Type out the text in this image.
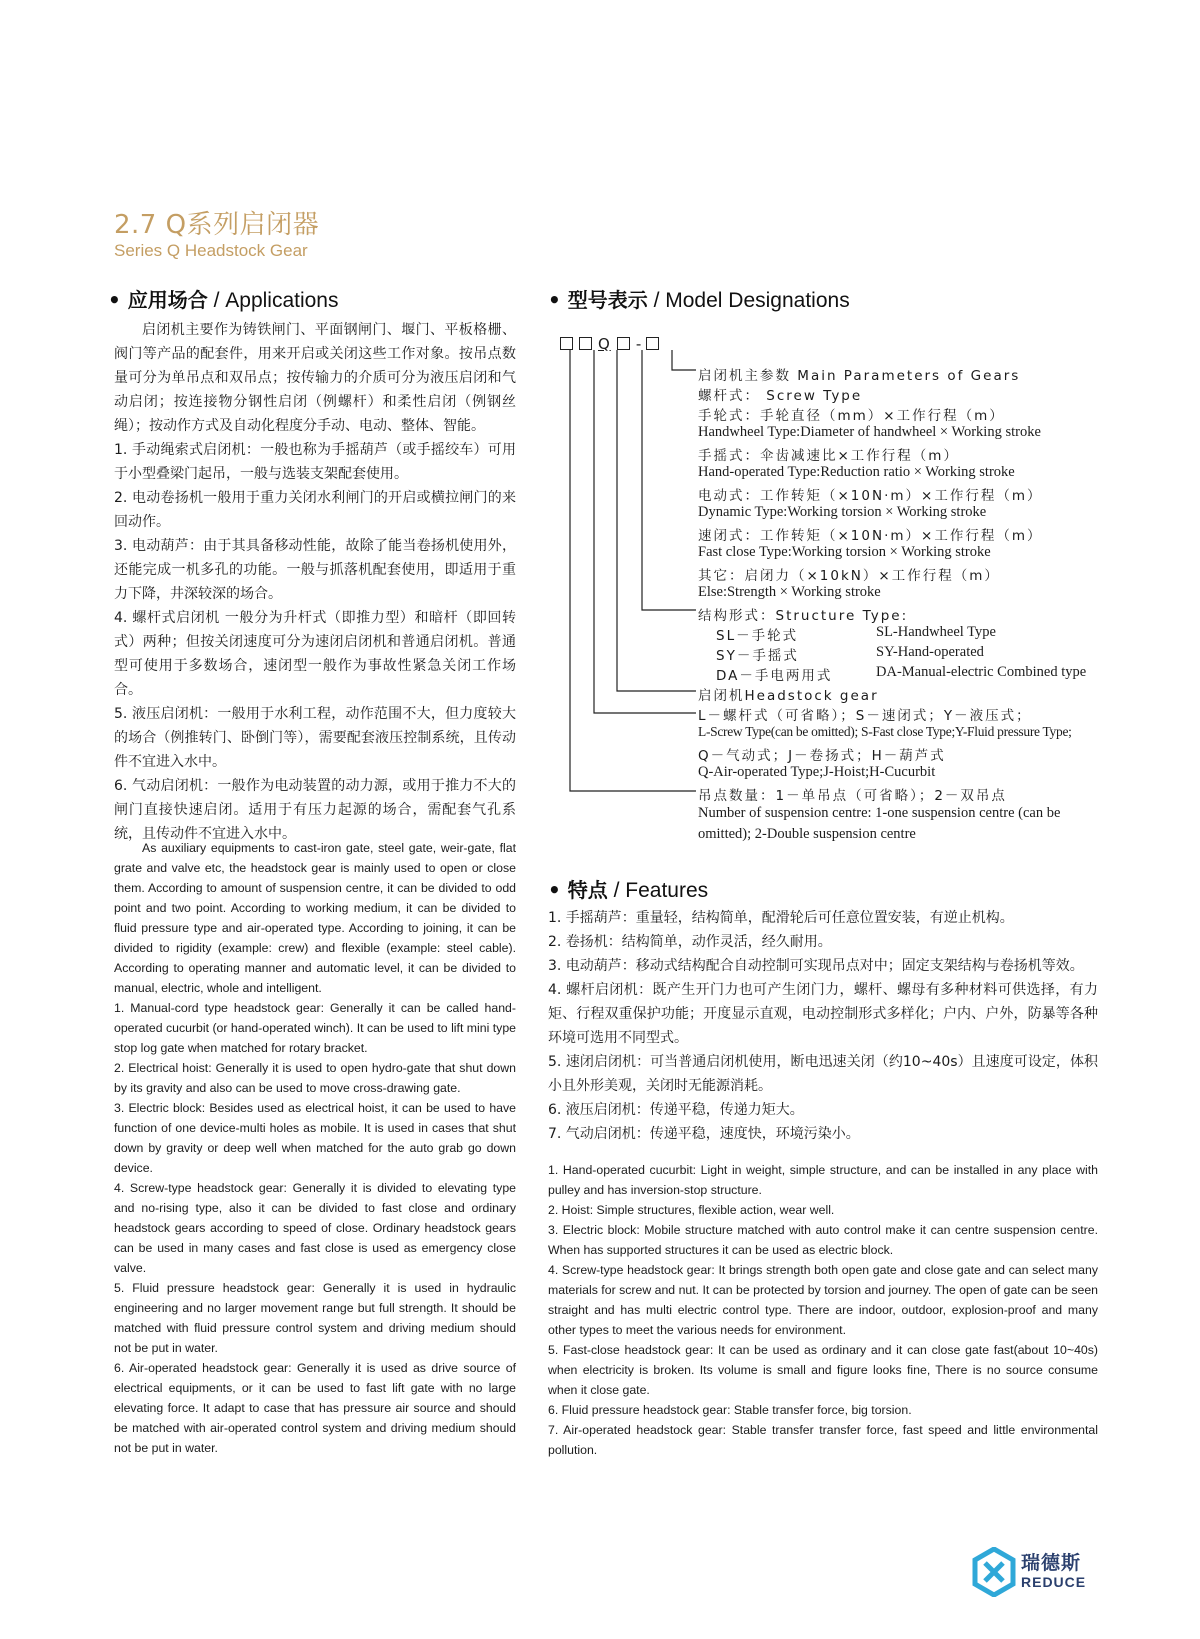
2.7 Q系列启闭器
Series Q Headstock Gear
• 应用场合 / Applications

启闭机主要作为铸铁闸门、平面钢闸门、堰门、平板格栅、阀门等产品的配套件，用来开启或关闭这些工作对象。按吊点数量可分为单吊点和双吊点；按传输力的介质可分为液压启闭和气动启闭；按连接物分钢性启闭（例螺杆）和柔性启闭（例钢丝绳）；按动作方式及自动化程度分手动、电动、整体、智能。

1. 手动绳索式启闭机：一般也称为手摇葫芦（或手摇绞车）可用于小型叠梁门起吊，一般与选装支架配套使用。

2. 电动卷扬机一般用于重力关闭水利闸门的开启或横拉闸门的来回动作。

3. 电动葫芦：由于其具备移动性能，故除了能当卷扬机使用外，还能完成一机多孔的功能。一般与抓落机配套使用，即适用于重力下降，井深较深的场合。

4. 螺杆式启闭机 一般分为升杆式（即推力型）和暗杆（即回转式）两种；但按关闭速度可分为速闭启闭机和普通启闭机。普通型可使用于多数场合，速闭型一般作为事故性紧急关闭工作场合。

5. 液压启闭机：一般用于水利工程，动作范围不大，但力度较大的场合（例推转门、卧倒门等），需要配套液压控制系统，且传动件不宜进入水中。

6. 气动启闭机：一般作为电动装置的动力源，或用于推力不大的闸门直接快速启闭。适用于有压力起源的场合，需配套气孔系统，且传动件不宜进入水中。

As auxiliary equipments to cast-iron gate, steel gate, weir-gate, flat grate and valve etc, the headstock gear is mainly used to open or close them. According to amount of suspension centre, it can be divided to odd point and two point. According to working medium, it can be divided to fluid pressure type and air-operated type. According to joining, it can be divided to rigidity (example: crew) and flexible (example: steel cable). According to operating manner and automatic level, it can be divided to manual, electric, whole and intelligent.

1. Manual-cord type headstock gear: Generally it can be called hand-operated cucurbit (or hand-operated winch). It can be used to lift mini type stop log gate when matched for rotary bracket.

2. Electrical hoist: Generally it is used to open hydro-gate that shut down by its gravity and also can be used to move cross-drawing gate.

3. Electric block: Besides used as electrical hoist, it can be used to have function of one device-multi holes as mobile. It is used in cases that shut down by gravity or deep well when matched for the auto grab go down device.

4. Screw-type headstock gear: Generally it is divided to elevating type and no-rising type, also it can be divided to fast close and ordinary headstock gears according to speed of close. Ordinary headstock gears can be used in many cases and fast close is used as emergency close valve.

5. Fluid pressure headstock gear: Generally it is used in hydraulic engineering and no larger movement range but full strength. It should be matched with fluid pressure control system and driving medium should not be put in water.

6. Air-operated headstock gear: Generally it is used as drive source of electrical equipments, or it can be used to fast lift gate with no large elevating force. It adapt to case that has pressure air source and should be matched with air-operated control system and driving medium should not be put in water.

• 型号表示 / Model Designations
Q -
启闭机主参数 Main Parameters of Gears
螺杆式： Screw Type
手轮式：手轮直径（mm）×工作行程（m）
Handwheel Type:Diameter of handwheel × Working stroke
手摇式：伞齿减速比×工作行程（m）
Hand-operated Type:Reduction ratio × Working stroke
电动式：工作转矩（×10N·m）×工作行程（m）
Dynamic Type:Working torsion × Working stroke
速闭式：工作转矩（×10N·m）×工作行程（m）
Fast close Type:Working torsion × Working stroke
其它：启闭力（×10kN）×工作行程（m）
Else:Strength × Working stroke
结构形式：Structure Type:
SL－手轮式	SL-Handwheel Type
SY－手摇式	SY-Hand-operated
DA－手电两用式	DA-Manual-electric Combined type
启闭机Headstock gear
L－螺杆式（可省略）；S－速闭式；Y－液压式；
L-Screw Type(can be omitted); S-Fast close Type;Y-Fluid pressure Type;
Q－气动式；J－卷扬式；H－葫芦式
Q-Air-operated Type;J-Hoist;H-Cucurbit
吊点数量：1－单吊点（可省略）；2－双吊点
Number of suspension centre: 1-one suspension centre (can be
omitted); 2-Double suspension centre
• 特点 / Features

1. 手摇葫芦：重量轻，结构简单，配滑轮后可任意位置安装，有逆止机构。

2. 卷扬机：结构简单，动作灵活，经久耐用。

3. 电动葫芦：移动式结构配合自动控制可实现吊点对中；固定支架结构与卷扬机等效。

4. 螺杆启闭机：既产生开门力也可产生闭门力，螺杆、螺母有多种材料可供选择，有力矩、行程双重保护功能；开度显示直观，电动控制形式多样化；户内、户外，防暴等各种环境可选用不同型式。

5. 速闭启闭机：可当普通启闭机使用，断电迅速关闭（约10~40s）且速度可设定，体积小且外形美观，关闭时无能源消耗。

6. 液压启闭机：传递平稳，传递力矩大。

7. 气动启闭机：传递平稳，速度快，环境污染小。

1. Hand-operated cucurbit: Light in weight, simple structure, and can be installed in any place with pulley and has inversion-stop structure.

2. Hoist: Simple structures, flexible action, wear well.

3. Electric block: Mobile structure matched with auto control make it can centre suspension centre. When has supported structures it can be used as electric block.

4. Screw-type headstock gear: It brings strength both open gate and close gate and can select many materials for screw and nut. It can be protected by torsion and journey. The open of gate can be seen straight and has multi electric control type. There are indoor, outdoor, explosion-proof and many other types to meet the various needs for environment.

5. Fast-close headstock gear: It can be used as ordinary and it can close gate fast(about 10~40s) when electricity is broken. Its volume is small and figure looks fine, There is no source consume when it close gate.

6. Fluid pressure headstock gear: Stable transfer force, big torsion.

7. Air-operated headstock gear: Stable transfer transfer force, fast speed and little environmental pollution.

瑞德斯
REDUCE
